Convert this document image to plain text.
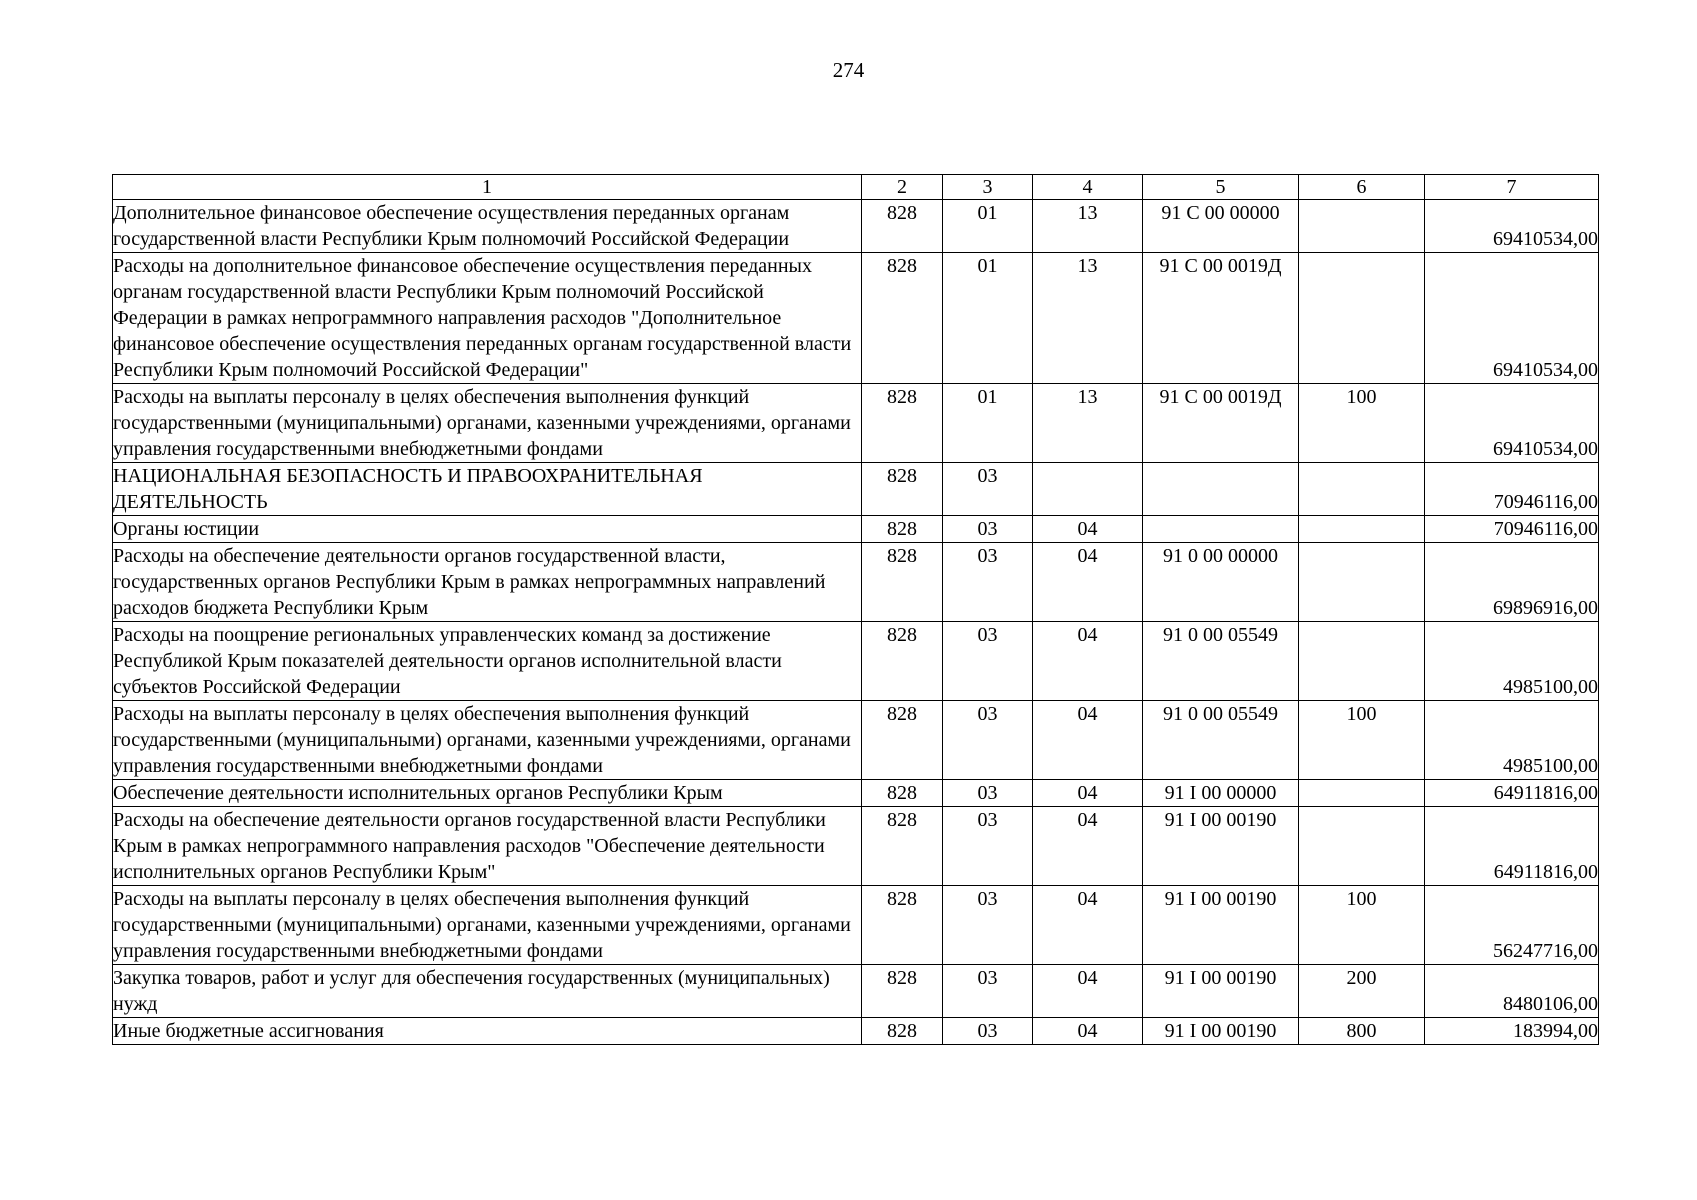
274
1	2	3	4	5	6	7
Дополнительное финансовое обеспечение осуществления переданных органам государственной власти Республики Крым полномочий Российской Федерации	828	01	13	91 С 00 00000		69410534,00
Расходы на дополнительное финансовое обеспечение осуществления переданных органам государственной власти Республики Крым полномочий Российской Федерации в рамках непрограммного направления расходов "Дополнительное финансовое обеспечение осуществления переданных органам государственной власти Республики Крым полномочий Российской Федерации"	828	01	13	91 С 00 0019Д		69410534,00
Расходы на выплаты персоналу в целях обеспечения выполнения функций государственными (муниципальными) органами, казенными учреждениями, органами управления государственными внебюджетными фондами	828	01	13	91 С 00 0019Д	100	69410534,00
НАЦИОНАЛЬНАЯ БЕЗОПАСНОСТЬ И ПРАВООХРАНИТЕЛЬНАЯ ДЕЯТЕЛЬНОСТЬ	828	03				70946116,00
Органы юстиции	828	03	04			70946116,00
Расходы на обеспечение деятельности органов государственной власти, государственных органов Республики Крым в рамках непрограммных направлений расходов бюджета Республики Крым	828	03	04	91 0 00 00000		69896916,00
Расходы на поощрение региональных управленческих команд за достижение Республикой Крым показателей деятельности органов исполнительной власти субъектов Российской Федерации	828	03	04	91 0 00 05549		4985100,00
Расходы на выплаты персоналу в целях обеспечения выполнения функций государственными (муниципальными) органами, казенными учреждениями, органами управления государственными внебюджетными фондами	828	03	04	91 0 00 05549	100	4985100,00
Обеспечение деятельности исполнительных органов Республики Крым	828	03	04	91 I 00 00000		64911816,00
Расходы на обеспечение деятельности органов государственной власти Республики Крым в рамках непрограммного направления расходов "Обеспечение деятельности исполнительных органов Республики Крым"	828	03	04	91 I 00 00190		64911816,00
Расходы на выплаты персоналу в целях обеспечения выполнения функций государственными (муниципальными) органами, казенными учреждениями, органами управления государственными внебюджетными фондами	828	03	04	91 I 00 00190	100	56247716,00
Закупка товаров, работ и услуг для обеспечения государственных (муниципальных) нужд	828	03	04	91 I 00 00190	200	8480106,00
Иные бюджетные ассигнования	828	03	04	91 I 00 00190	800	183994,00
